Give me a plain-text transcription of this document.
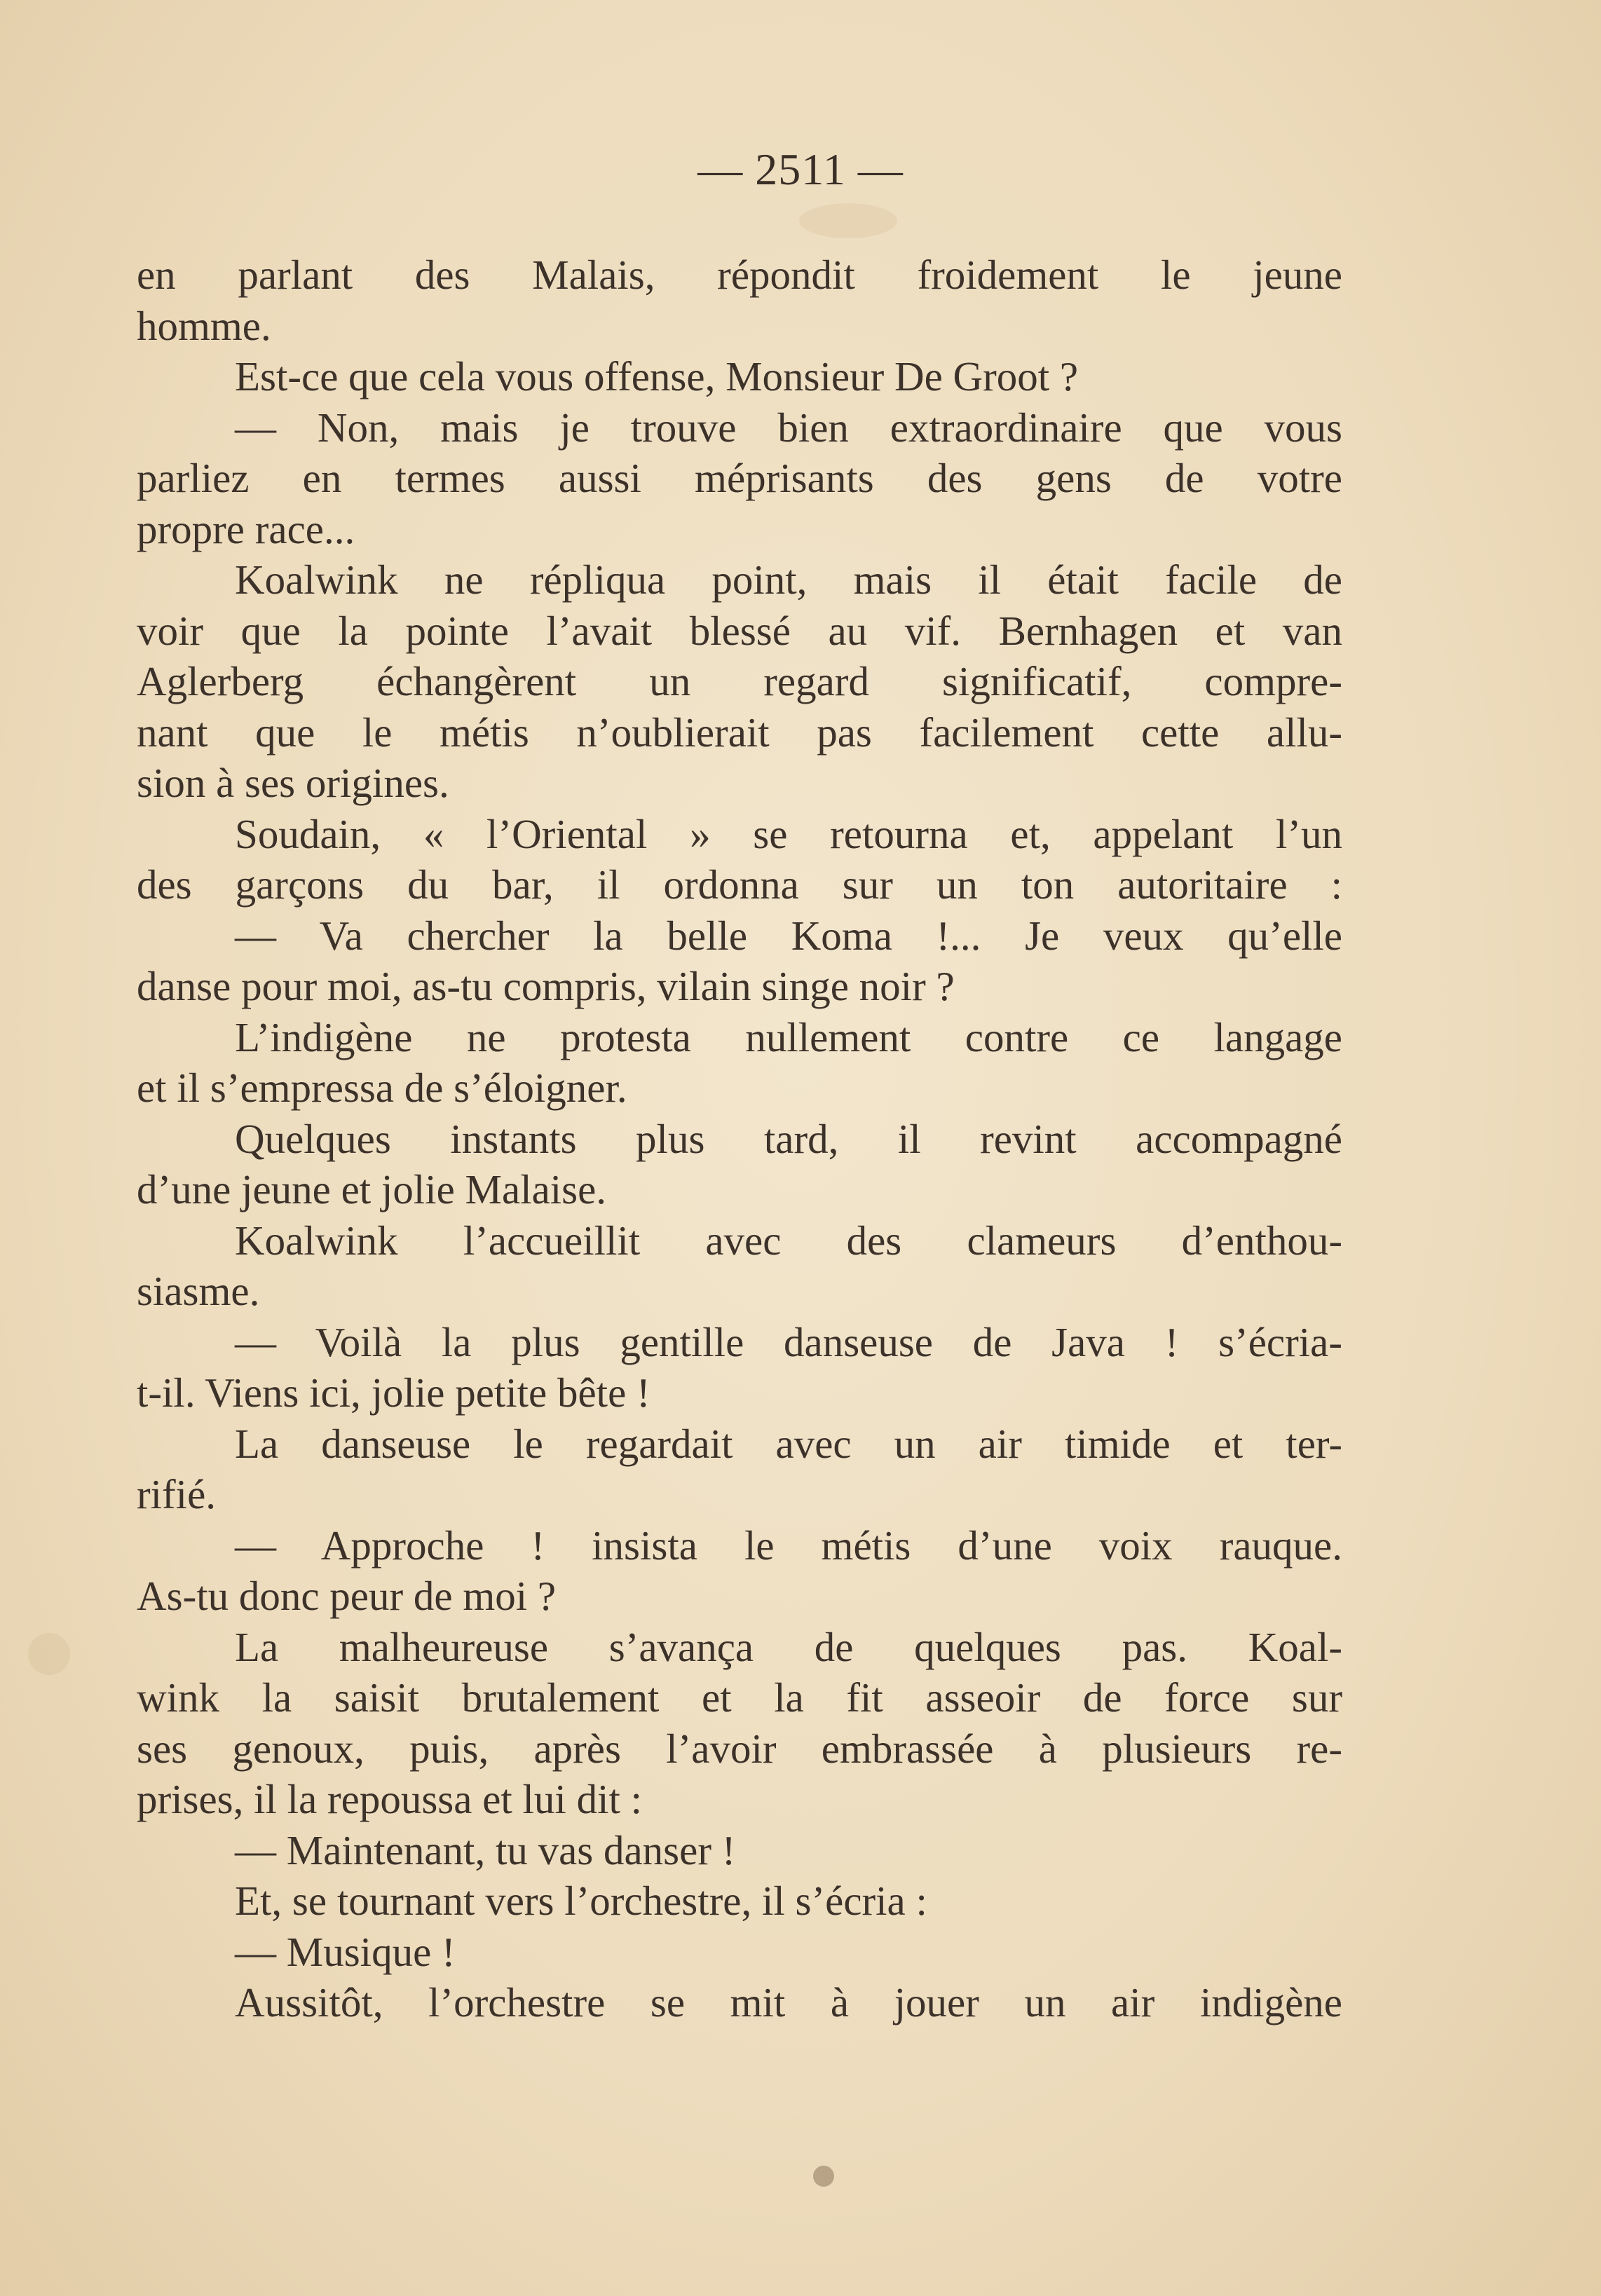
— 2511 —
en parlant des Malais, répondit froidement le jeune
homme.
Est-ce que cela vous offense, Monsieur De Groot ?
— Non, mais je trouve bien extraordinaire que vous
parliez en termes aussi méprisants des gens de votre
propre race...
Koalwink ne répliqua point, mais il était facile de
voir que la pointe l’avait blessé au vif. Bernhagen et van
Aglerberg échangèrent un regard significatif, compre-
nant que le métis n’oublierait pas facilement cette allu-
sion à ses origines.
Soudain, « l’Oriental » se retourna et, appelant l’un
des garçons du bar, il ordonna sur un ton autoritaire :
— Va chercher la belle Koma !... Je veux qu’elle
danse pour moi, as-tu compris, vilain singe noir ?
L’indigène ne protesta nullement contre ce langage
et il s’empressa de s’éloigner.
Quelques instants plus tard, il revint accompagné
d’une jeune et jolie Malaise.
Koalwink l’accueillit avec des clameurs d’enthou-
siasme.
— Voilà la plus gentille danseuse de Java ! s’écria-
t-il. Viens ici, jolie petite bête !
La danseuse le regardait avec un air timide et ter-
rifié.
— Approche ! insista le métis d’une voix rauque.
As-tu donc peur de moi ?
La malheureuse s’avança de quelques pas. Koal-
wink la saisit brutalement et la fit asseoir de force sur
ses genoux, puis, après l’avoir embrassée à plusieurs re-
prises, il la repoussa et lui dit :
— Maintenant, tu vas danser !
Et, se tournant vers l’orchestre, il s’écria :
— Musique !
Aussitôt, l’orchestre se mit à jouer un air indigène
